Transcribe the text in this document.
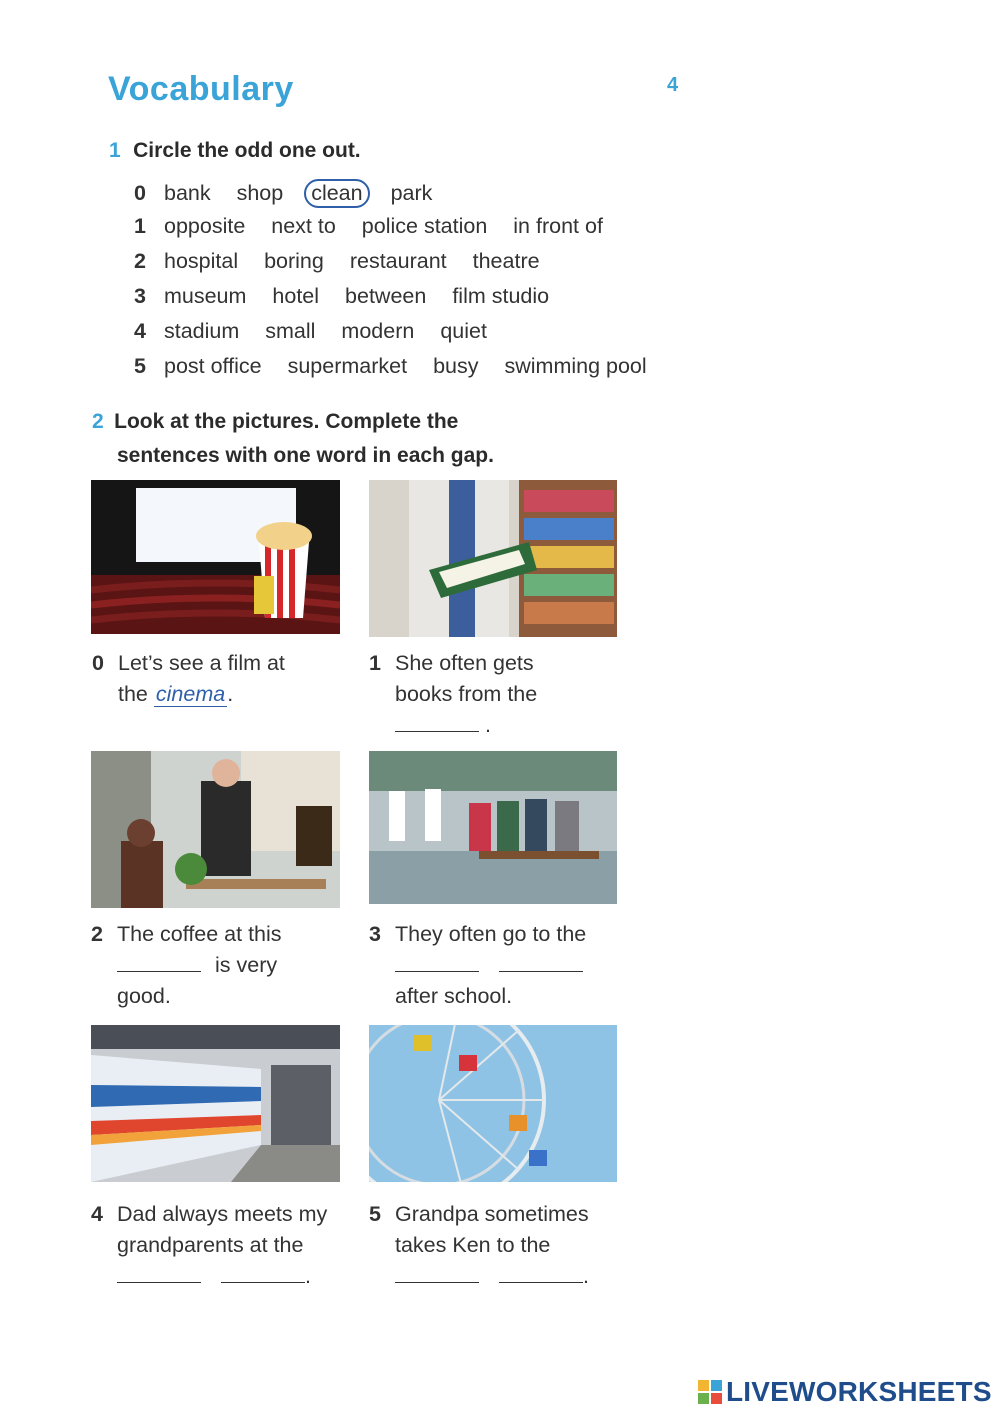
Vocabulary	4
1 Circle the odd one out.
0 bank shop clean park
1 opposite next to police station in front of
2 hospital boring restaurant theatre
3 museum hotel between film studio
4 stadium small modern quiet
5 post office supermarket busy swimming pool
2 Look at the pictures. Complete the
sentences with one word in each gap.
0 Let’s see a film at
the cinema.
1 She often gets
books from the
.
2 The coffee at this
is very
good.
3 They often go to the

after school.
4 Dad always meets my
grandparents at the
.
5 Grandpa sometimes
takes Ken to the
.
LIVEWORKSHEETS
